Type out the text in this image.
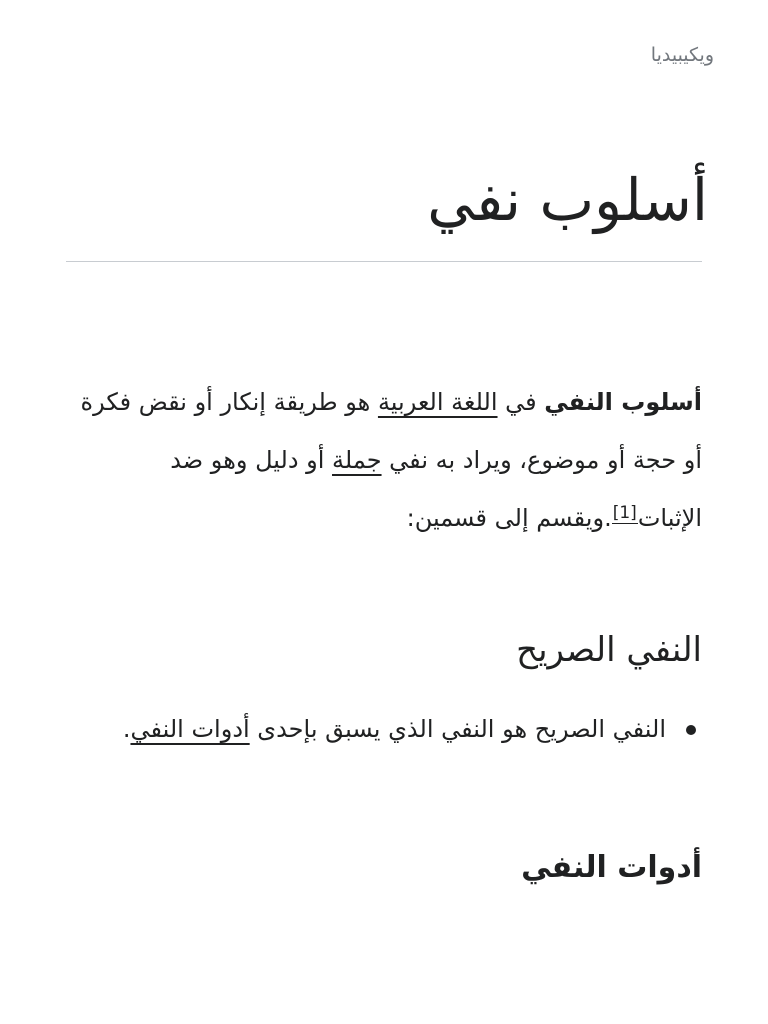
ويكيبيديا
أسلوب نفي

أسلوب النفي في اللغة العربية هو طريقة إنكار أو نقض فكرة أو حجة أو موضوع، ويراد به نفي جملة أو دليل وهو ضد الإثبات[1].ويقسم إلى قسمين:

النفي الصريح
النفي الصريح هو النفي الذي يسبق بإحدى أدوات النفي.
أدوات النفي
